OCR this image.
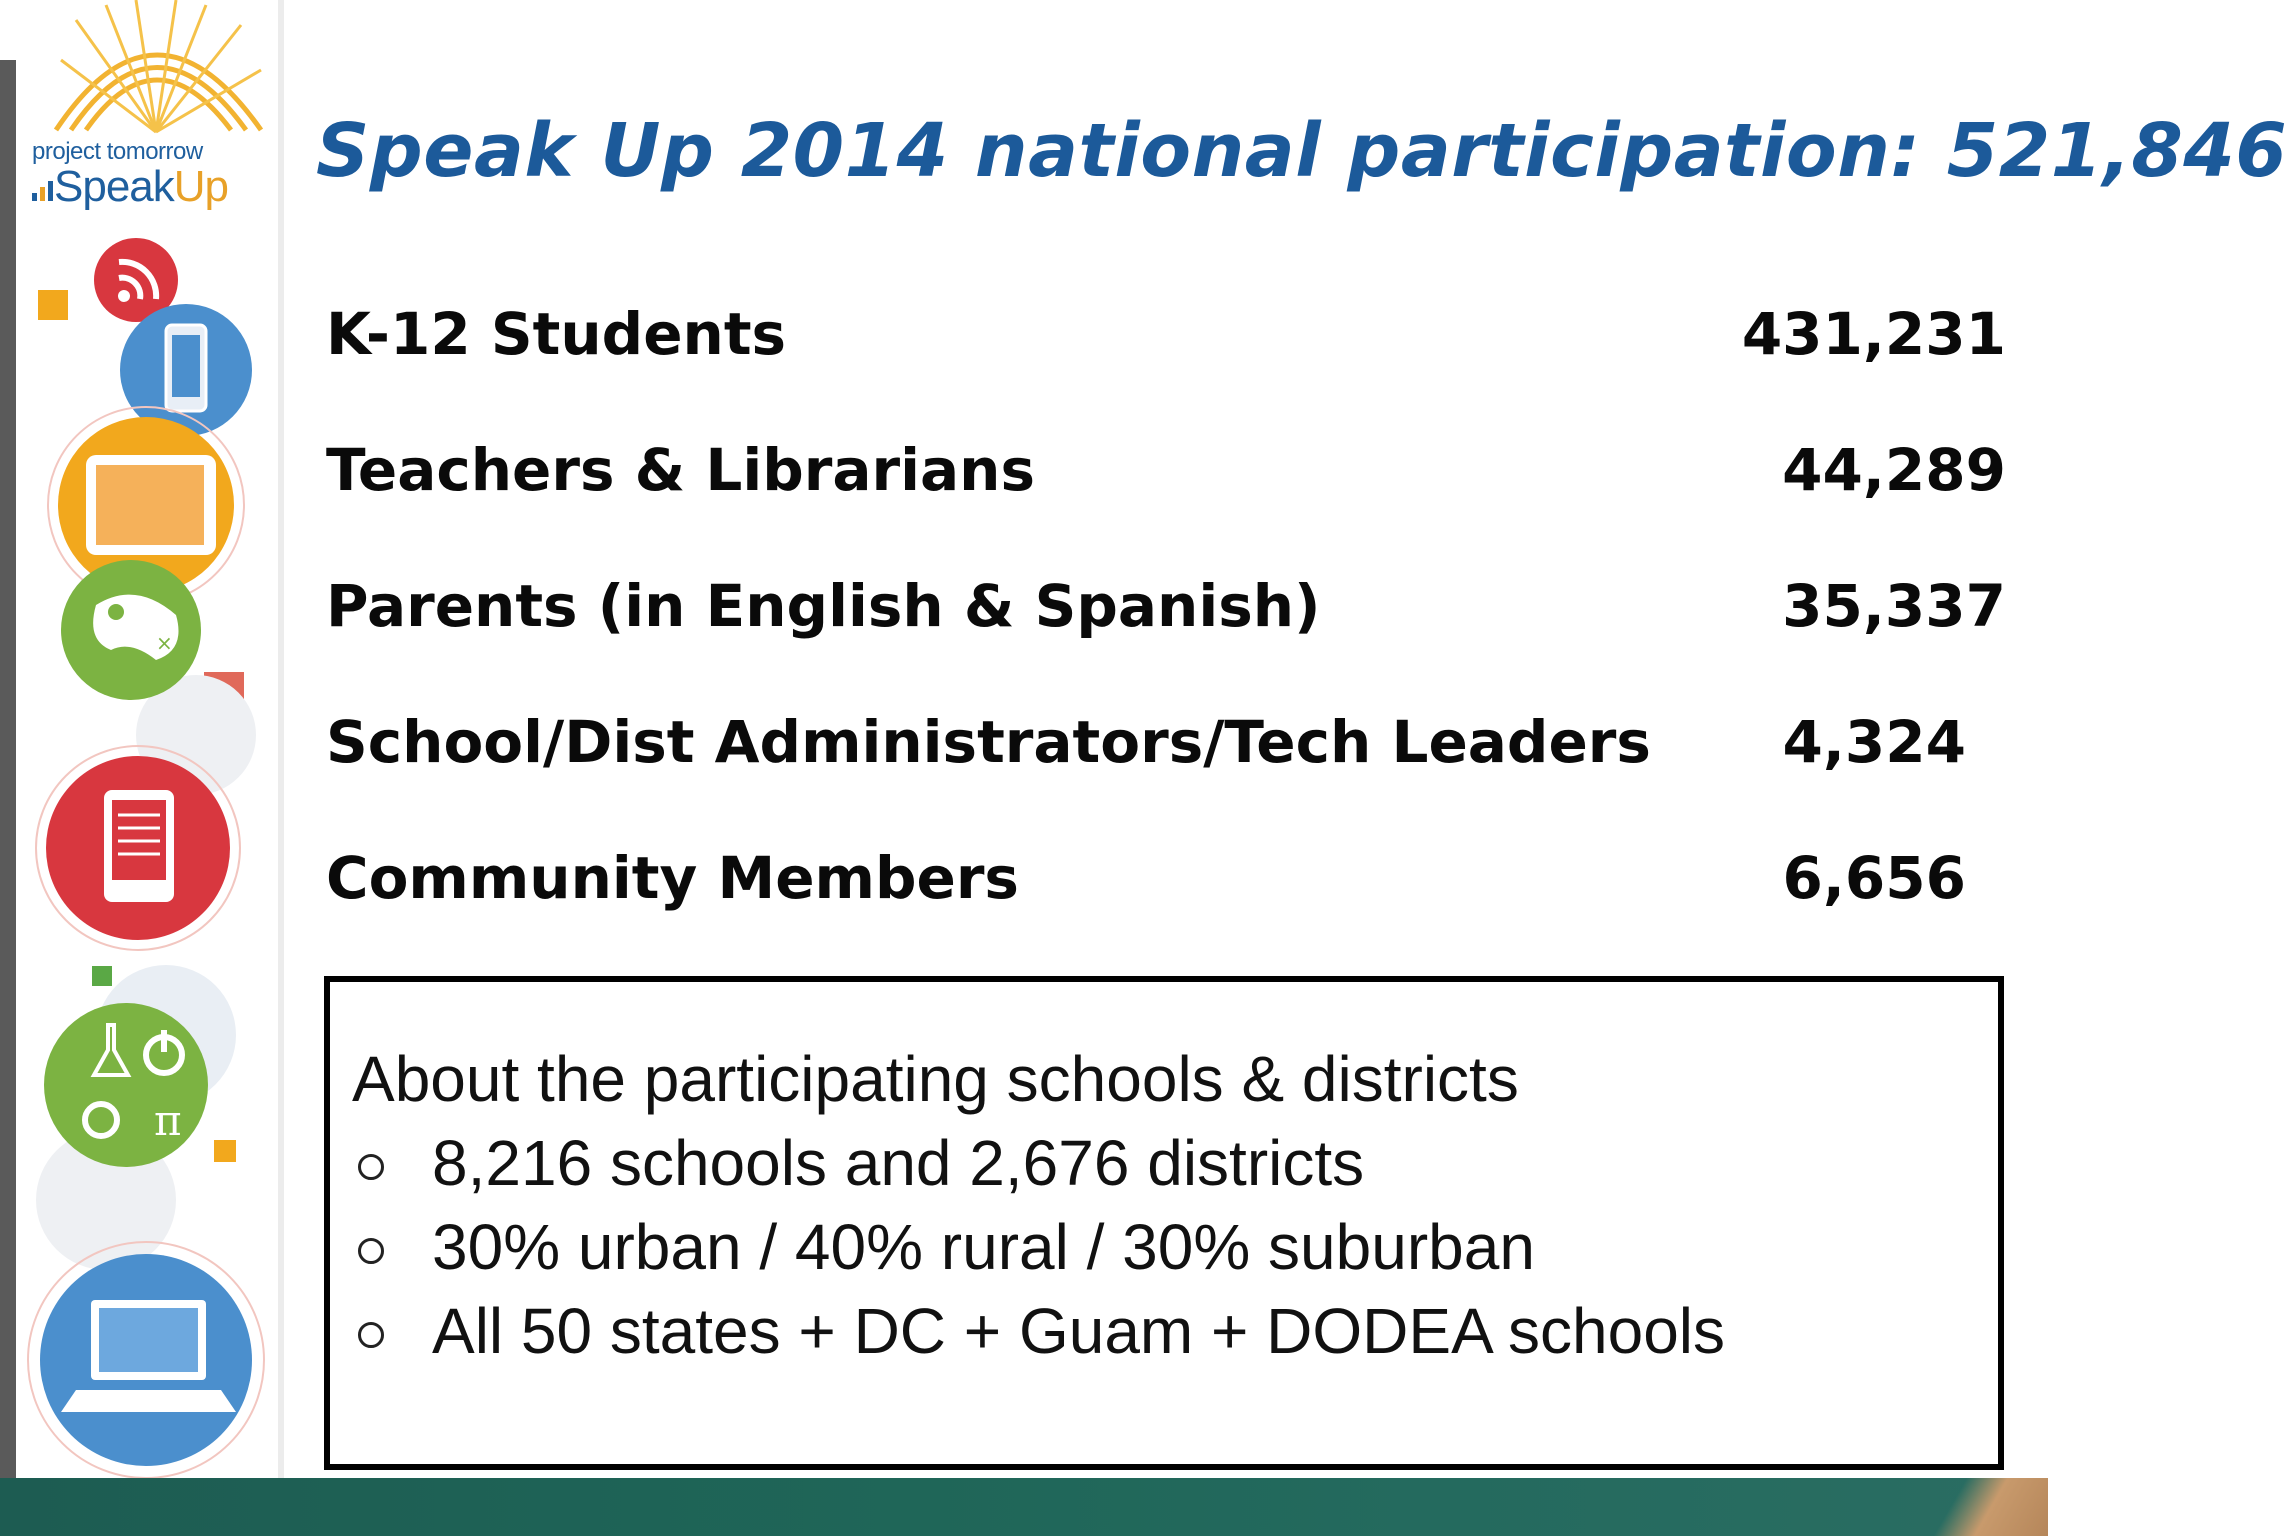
×
π
project tomorrow
SpeakUp	Speak Up 2014 national participation: 521,846
K-12 Students	431,231
Teachers & Librarians	44,289
Parents (in English & Spanish)	35,337
School/Dist Administrators/Tech Leaders 4,324
Community Members	6,656
About the participating schools & districts
8,216 schools and 2,676 districts
30% urban / 40% rural / 30% suburban
All 50 states + DC + Guam + DODEA schools
